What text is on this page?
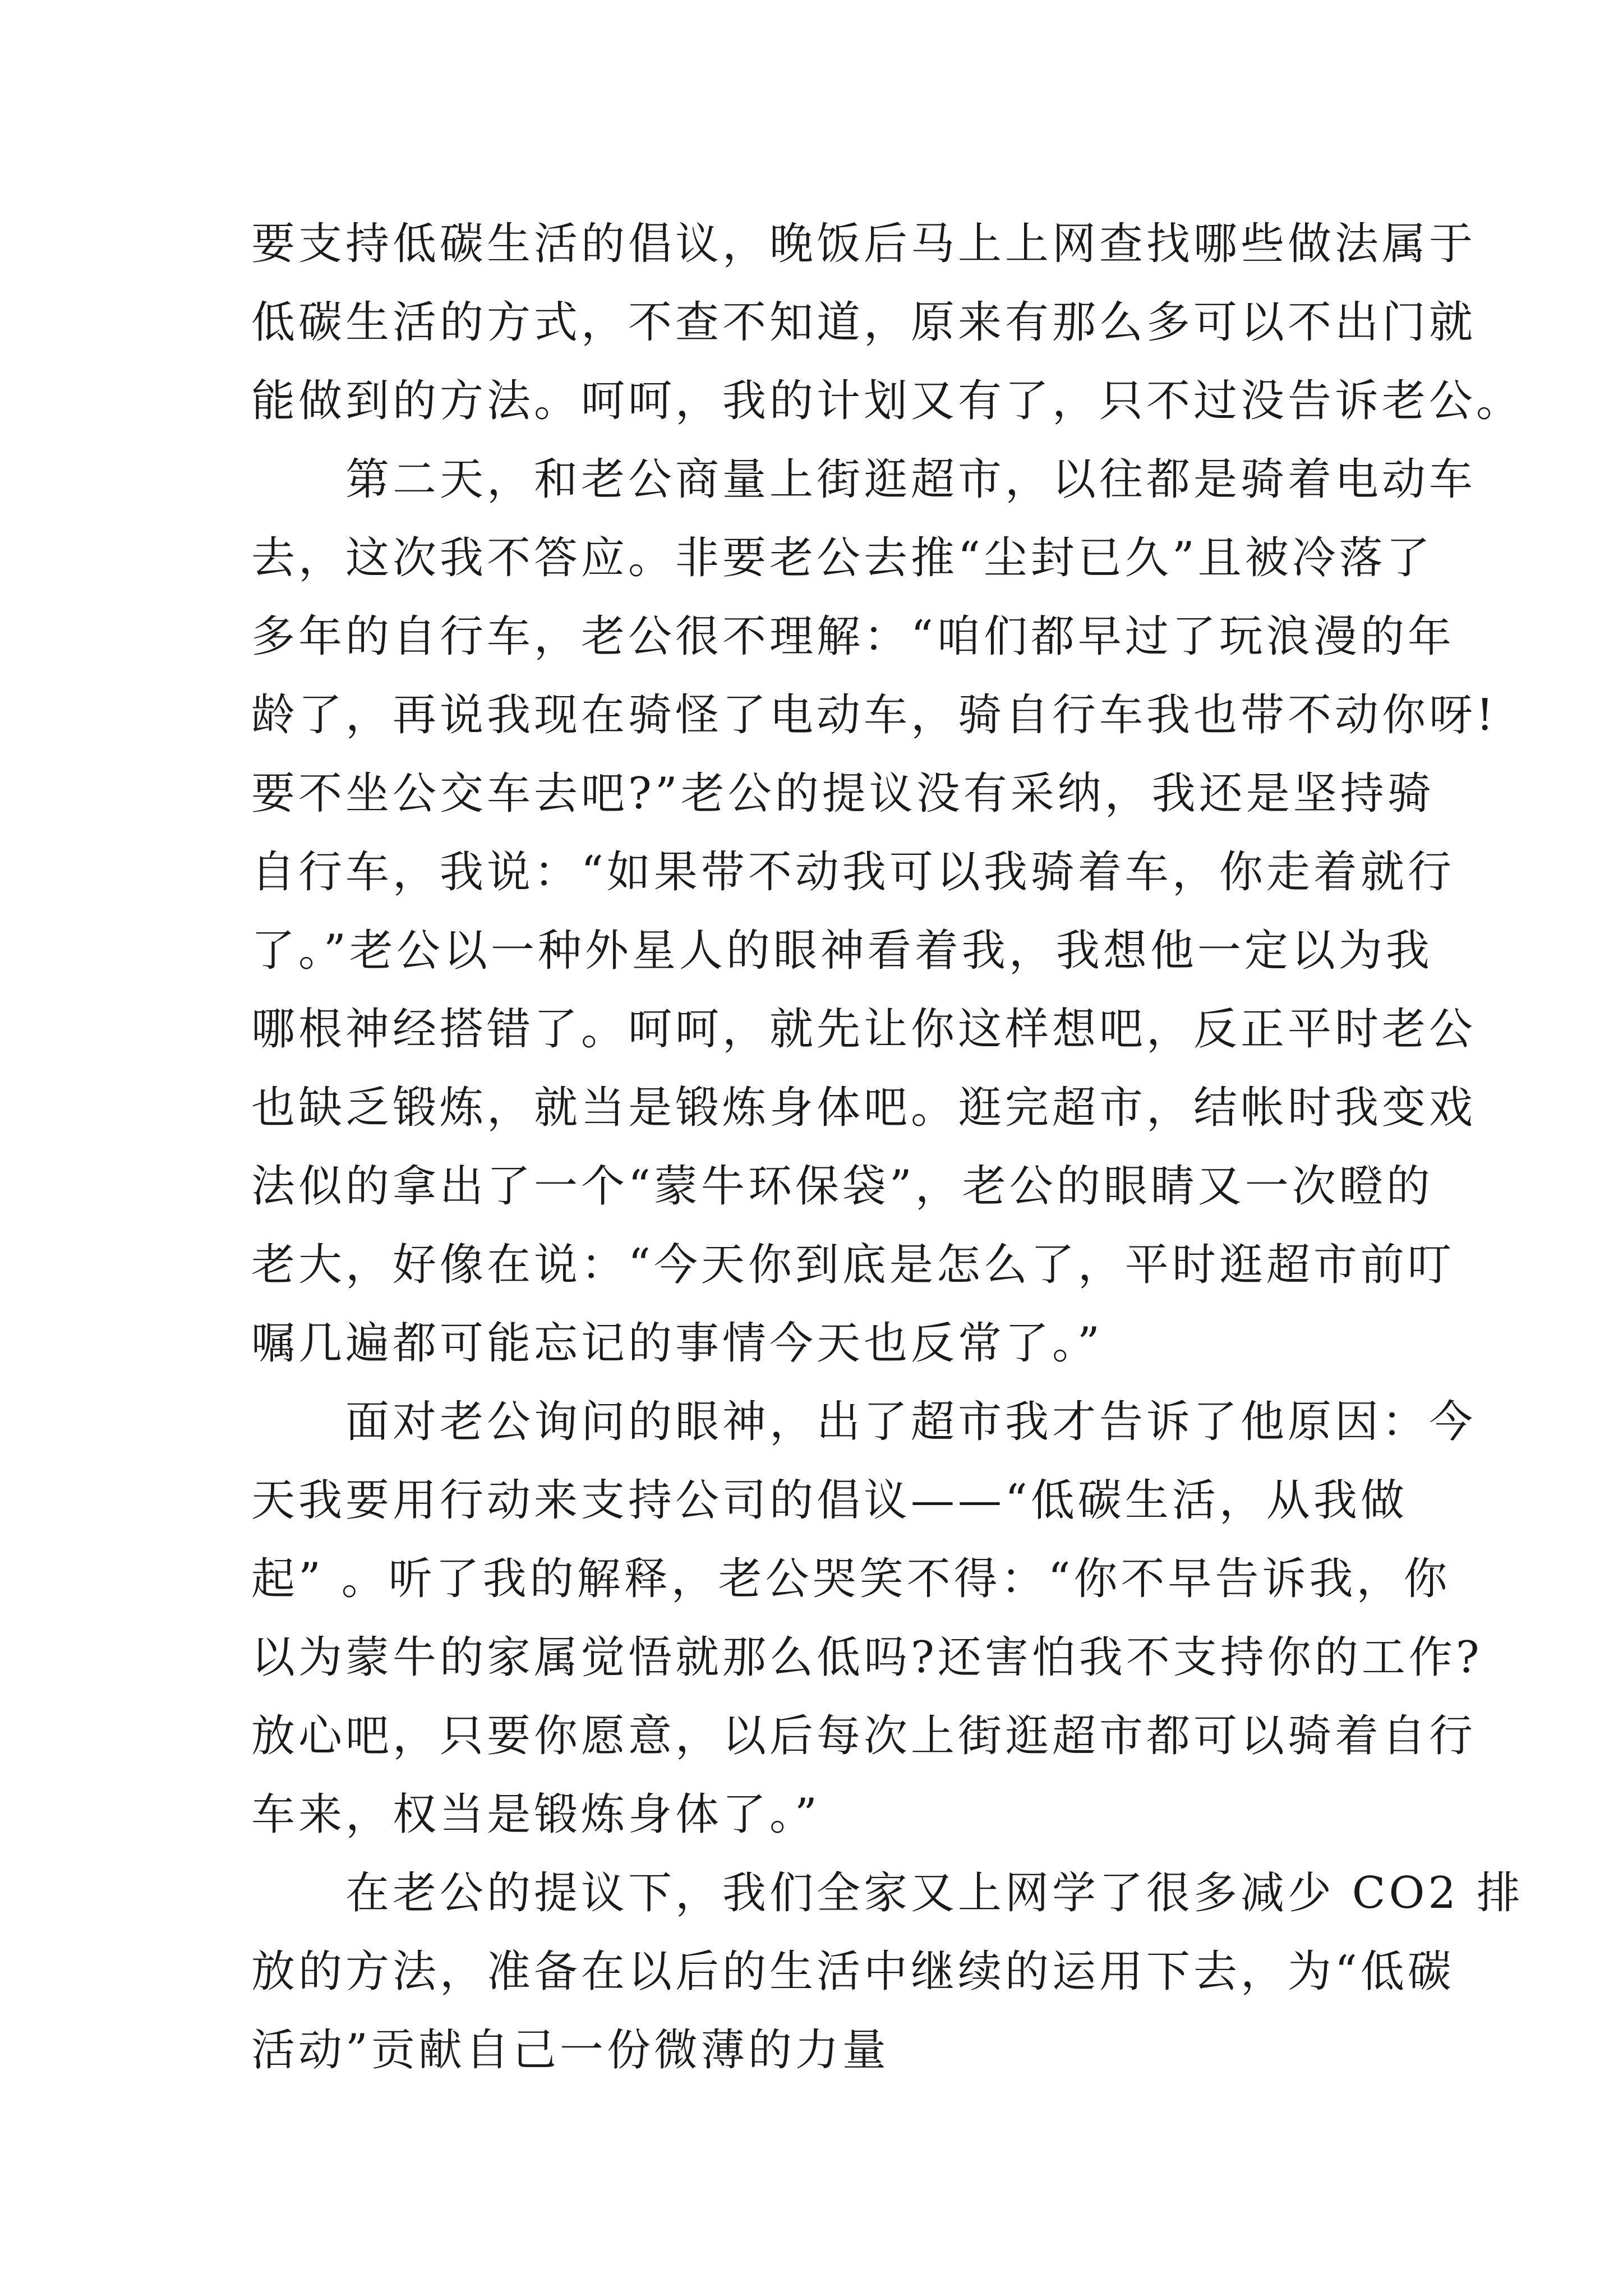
要支持低碳生活的倡议，晚饭后马上上网查找哪些做法属于
低碳生活的方式，不查不知道，原来有那么多可以不出门就
能做到的方法。呵呵，我的计划又有了，只不过没告诉老公。
第二天，和老公商量上街逛超市，以往都是骑着电动车
去，这次我不答应。非要老公去推“尘封已久”且被冷落了
多年的自行车，老公很不理解：“咱们都早过了玩浪漫的年
龄了，再说我现在骑怪了电动车，骑自行车我也带不动你呀!
要不坐公交车去吧?”老公的提议没有采纳，我还是坚持骑
自行车，我说：“如果带不动我可以我骑着车，你走着就行
了。”老公以一种外星人的眼神看着我，我想他一定以为我
哪根神经搭错了。呵呵，就先让你这样想吧，反正平时老公
也缺乏锻炼，就当是锻炼身体吧。逛完超市，结帐时我变戏
法似的拿出了一个“蒙牛环保袋”，老公的眼睛又一次瞪的
老大，好像在说：“今天你到底是怎么了，平时逛超市前叮
嘱几遍都可能忘记的事情今天也反常了。”
面对老公询问的眼神，出了超市我才告诉了他原因：今
天我要用行动来支持公司的倡议——“低碳生活，从我做
起” 。听了我的解释，老公哭笑不得：“你不早告诉我，你
以为蒙牛的家属觉悟就那么低吗?还害怕我不支持你的工作?
放心吧，只要你愿意，以后每次上街逛超市都可以骑着自行
车来，权当是锻炼身体了。”
在老公的提议下，我们全家又上网学了很多减少 CO2 排
放的方法，准备在以后的生活中继续的运用下去，为“低碳
活动”贡献自己一份微薄的力量
